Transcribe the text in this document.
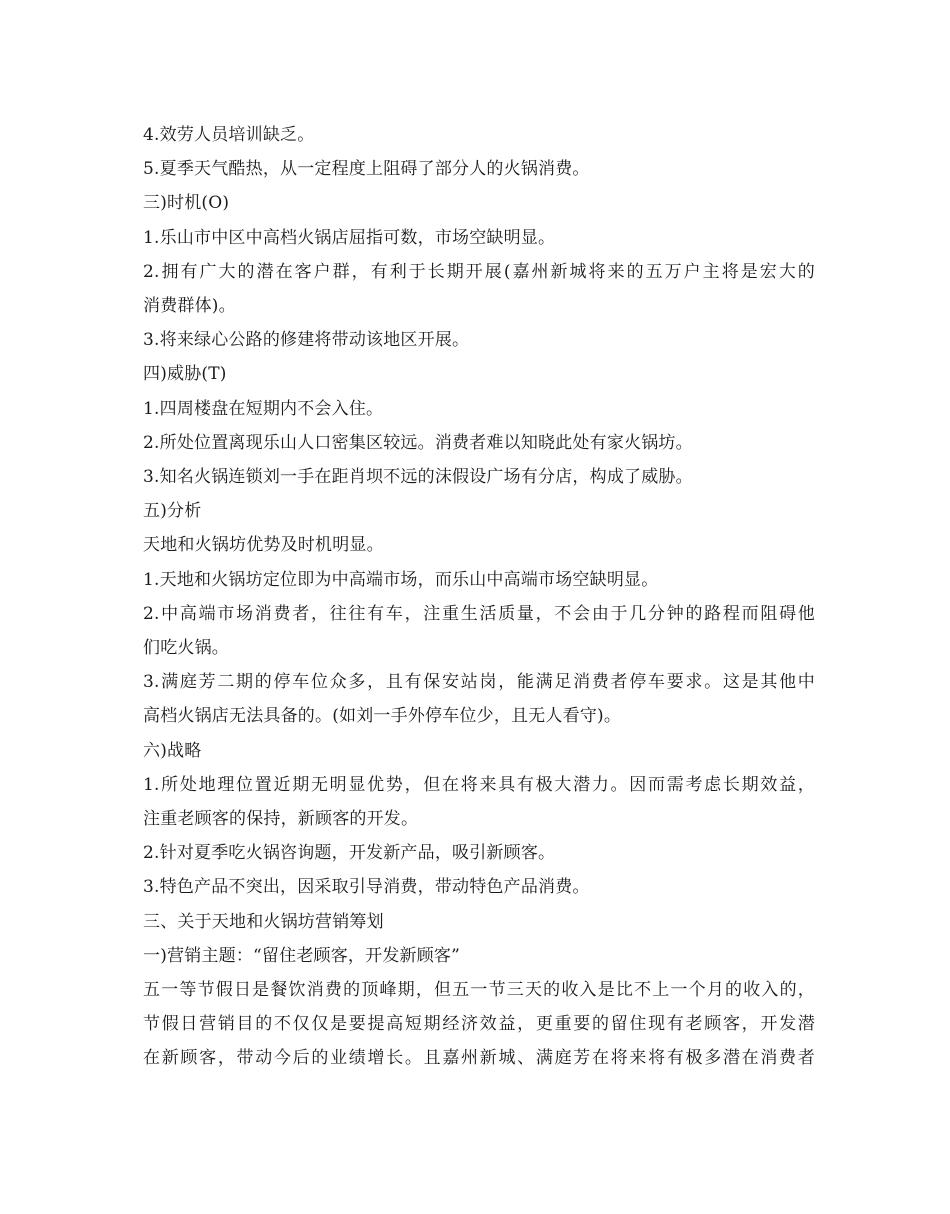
4.效劳人员培训缺乏。
5.夏季天气酷热，从一定程度上阻碍了部分人的火锅消费。
三)时机(O)
1.乐山市中区中高档火锅店屈指可数，市场空缺明显。
2.拥有广大的潜在客户群，有利于长期开展(嘉州新城将来的五万户主将是宏大的
消费群体)。
3.将来绿心公路的修建将带动该地区开展。
四)威胁(T)
1.四周楼盘在短期内不会入住。
2.所处位置离现乐山人口密集区较远。消费者难以知晓此处有家火锅坊。
3.知名火锅连锁刘一手在距肖坝不远的沫假设广场有分店，构成了威胁。
五)分析
天地和火锅坊优势及时机明显。
1.天地和火锅坊定位即为中高端市场，而乐山中高端市场空缺明显。
2.中高端市场消费者，往往有车，注重生活质量，不会由于几分钟的路程而阻碍他
们吃火锅。
3.满庭芳二期的停车位众多，且有保安站岗，能满足消费者停车要求。这是其他中
高档火锅店无法具备的。(如刘一手外停车位少，且无人看守)。
六)战略
1.所处地理位置近期无明显优势，但在将来具有极大潜力。因而需考虑长期效益，
注重老顾客的保持，新顾客的开发。
2.针对夏季吃火锅咨询题，开发新产品，吸引新顾客。
3.特色产品不突出，因采取引导消费，带动特色产品消费。
三、关于天地和火锅坊营销筹划
一)营销主题：“留住老顾客，开发新顾客”
五一等节假日是餐饮消费的顶峰期，但五一节三天的收入是比不上一个月的收入的，
节假日营销目的不仅仅是要提高短期经济效益，更重要的留住现有老顾客，开发潜
在新顾客，带动今后的业绩增长。且嘉州新城、满庭芳在将来将有极多潜在消费者
